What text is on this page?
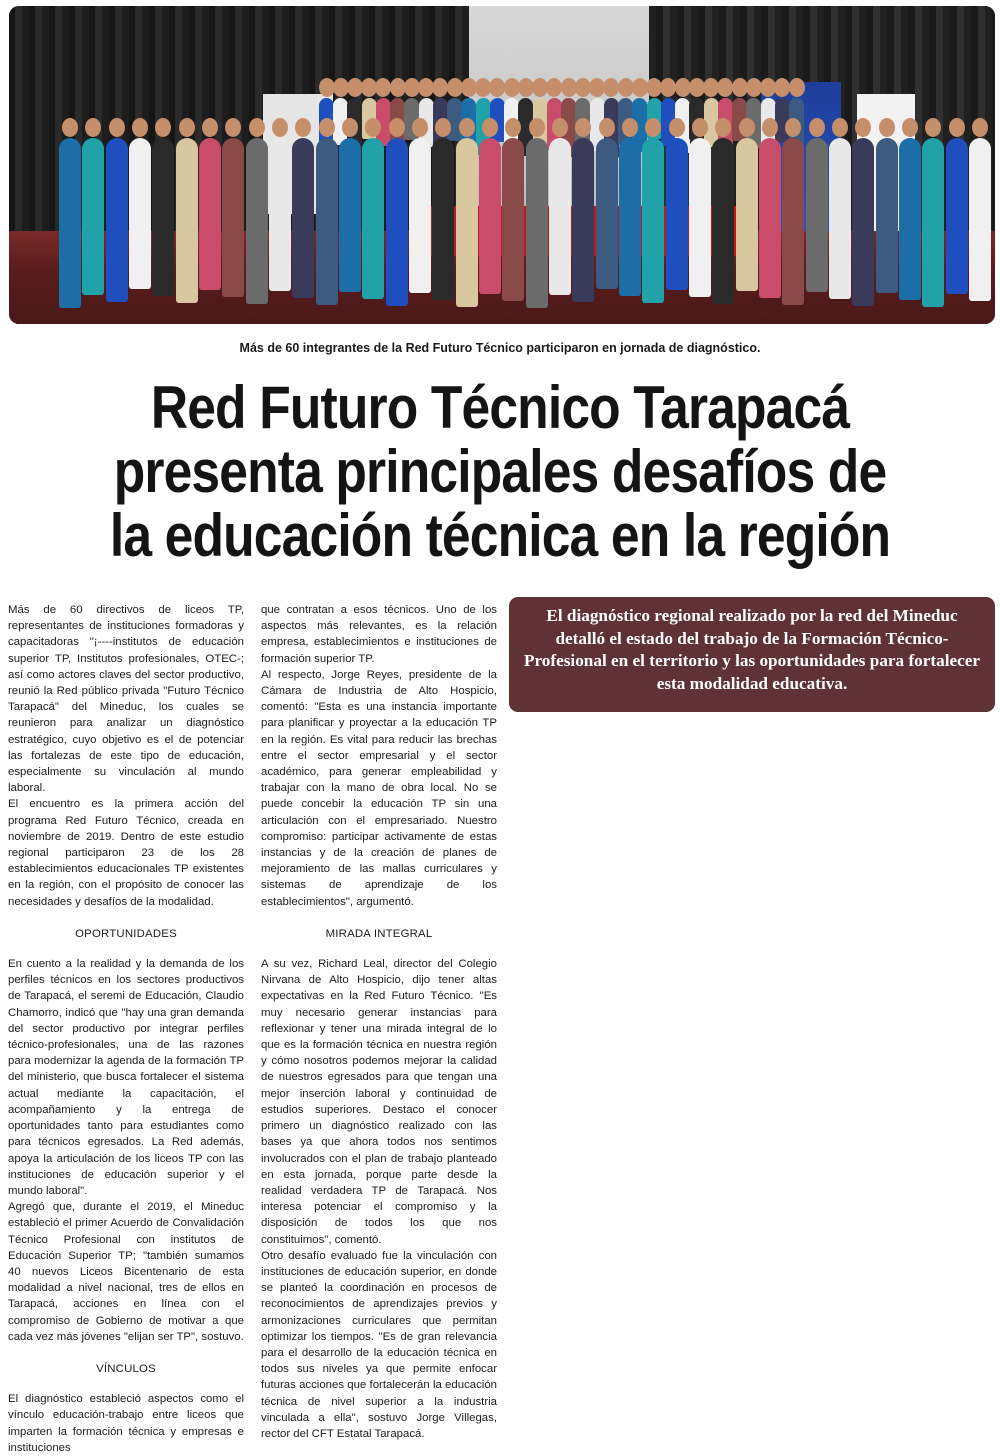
Más de 60 integrantes de la Red Futuro Técnico participaron en jornada de diagnóstico.
Red Futuro Técnico Tarapacá
presenta principales desafíos de
la educación técnica en la región

Más de 60 directivos de liceos TP, representantes de instituciones formadoras y capacitadoras "¡----institutos de educación superior TP, Institutos profesionales, OTEC-; así como actores claves del sector productivo, reunió la Red público privada "Futuro Técnico Tarapacá" del Mineduc, los cuales se reunieron para analizar un diagnóstico estratégico, cuyo objetivo es el de potenciar las fortalezas de este tipo de educación, especialmente su vinculación al mundo laboral.

El encuentro es la primera acción del programa Red Futuro Técnico, creada en noviembre de 2019. Dentro de este estudio regional participaron 23 de los 28 establecimientos educacionales TP existentes en la región, con el propósito de conocer las necesidades y desafíos de la modalidad.

OPORTUNIDADES

En cuento a la realidad y la demanda de los perfiles técnicos en los sectores productivos de Tarapacá, el seremi de Educación, Claudio Chamorro, indicó que "hay una gran demanda del sector productivo por integrar perfiles técnico-profesionales, una de las razones para modernizar la agenda de la formación TP del ministerio, que busca fortalecer el sistema actual mediante la capacitación, el acompañamiento y la entrega de oportunidades tanto para estudiantes como para técnicos egresados. La Red además, apoya la articulación de los liceos TP con las instituciones de educación superior y el mundo laboral".

Agregó que, durante el 2019, el Mineduc estableció el primer Acuerdo de Convalidación Técnico Profesional con institutos de Educación Superior TP; "también sumamos 40 nuevos Liceos Bicentenario de esta modalidad a nivel nacional, tres de ellos en Tarapacá, acciones en línea con el compromiso de Gobierno de motivar a que cada vez más jóvenes "elijan ser TP", sostuvo.

VÍNCULOS

El diagnóstico estableció aspectos como el vínculo educación-trabajo entre liceos que imparten la formación técnica y empresas e instituciones

que contratan a esos técnicos. Uno de los aspectos más relevantes, es la relación empresa, establecimientos e instituciones de formación superior TP.

Al respecto, Jorge Reyes, presidente de la Cámara de Industria de Alto Hospicio, comentó: "Esta es una instancia importante para planificar y proyectar a la educación TP en la región. Es vital para reducir las brechas entre el sector empresarial y el sector académico, para generar empleabilidad y trabajar con la mano de obra local. No se puede concebir la educación TP sin una articulación con el empresariado. Nuestro compromiso: participar activamente de estas instancias y de la creación de planes de mejoramiento de las mallas curriculares y sistemas de aprendizaje de los establecimientos", argumentó.

MIRADA INTEGRAL

A su vez, Richard Leal, director del Colegio Nirvana de Alto Hospicio, dijo tener altas expectativas en la Red Futuro Técnico. "Es muy necesario generar instancias para reflexionar y tener una mirada integral de lo que es la formación técnica en nuestra región y cómo nosotros podemos mejorar la calidad de nuestros egresados para que tengan una mejor inserción laboral y continuidad de estudios superiores. Destaco el conocer primero un diagnóstico realizado con las bases ya que ahora todos nos sentimos involucrados con el plan de trabajo planteado en esta jornada, porque parte desde la realidad verdadera TP de Tarapacá. Nos interesa potenciar el compromiso y la disposición de todos los que nos constituimos", comentó.

Otro desafío evaluado fue la vinculación con instituciones de educación superior, en donde se planteó la coordinación en procesos de reconocimientos de aprendizajes previos y armonizaciones curriculares que permitan optimizar los tiempos. "Es de gran relevancia para el desarrollo de la educación técnica en todos sus niveles ya que permite enfocar futuras acciones que fortalecerán la educación técnica de nivel superior a la industria vinculada a ella", sostuvo Jorge Villegas, rector del CFT Estatal Tarapacá.

El diagnóstico regional realizado por la red del Mineduc detalló el estado del trabajo de la Formación Técnico-Profesional en el territorio y las oportunidades para fortalecer esta modalidad educativa.
